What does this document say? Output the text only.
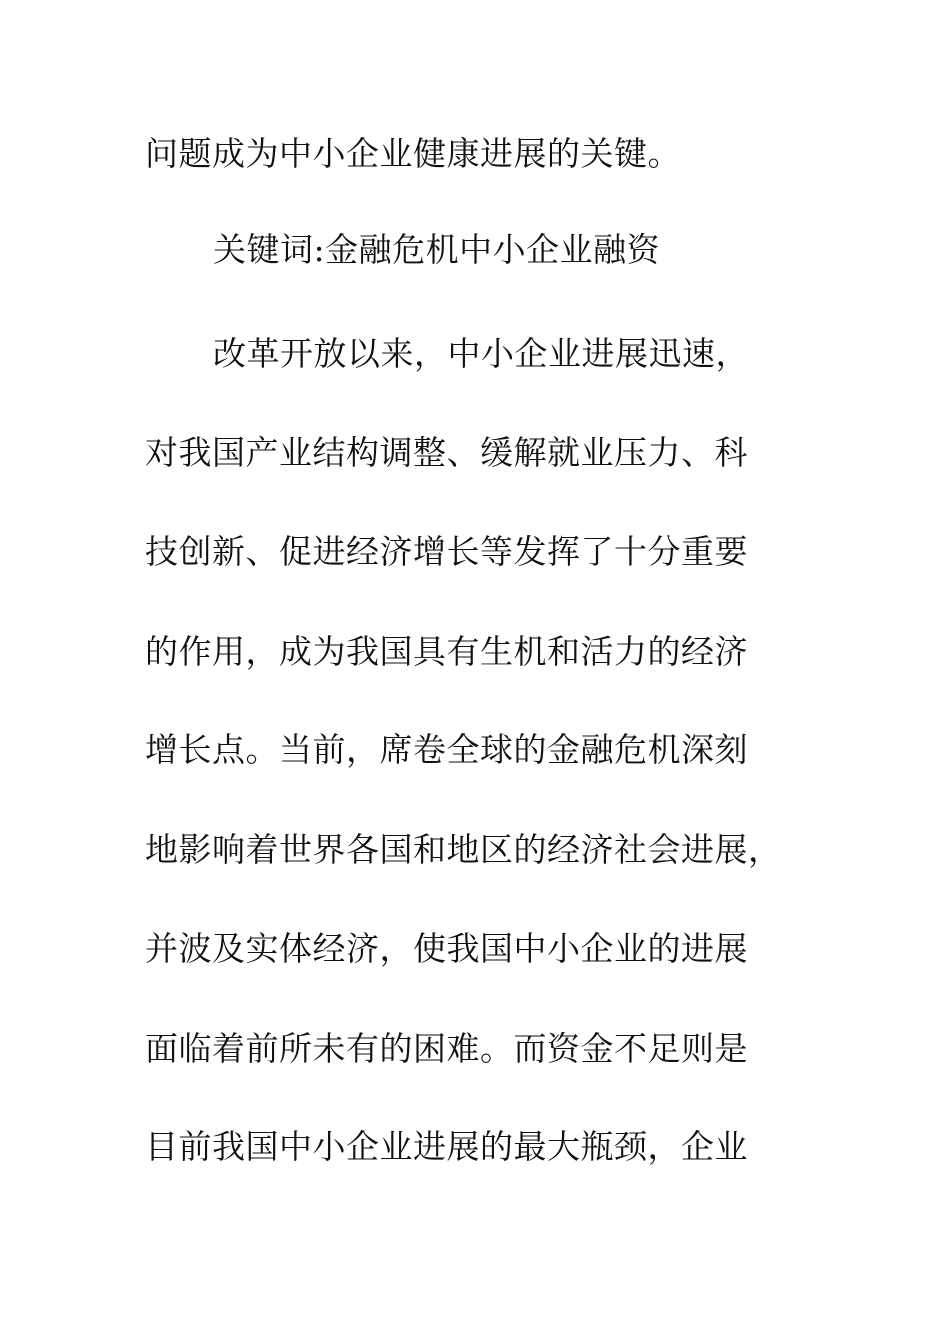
问题成为中小企业健康进展的关键。
关键词:金融危机中小企业融资
改革开放以来，中小企业进展迅速，
对我国产业结构调整、缓解就业压力、科
技创新、促进经济增长等发挥了十分重要
的作用，成为我国具有生机和活力的经济
增长点。当前，席卷全球的金融危机深刻
地影响着世界各国和地区的经济社会进展，
并波及实体经济，使我国中小企业的进展
面临着前所未有的困难。而资金不足则是
目前我国中小企业进展的最大瓶颈，企业
